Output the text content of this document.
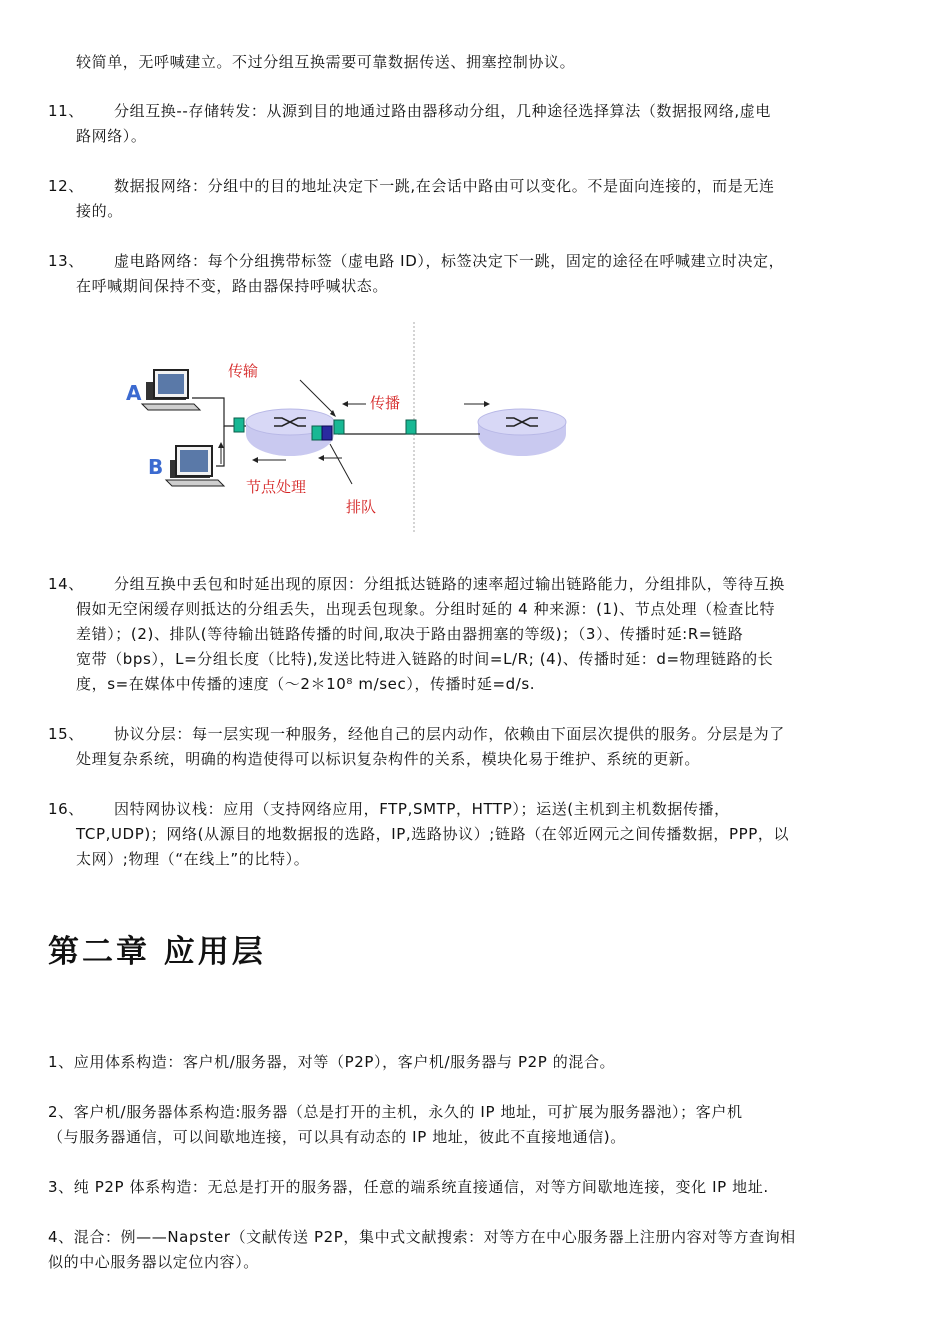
较简单，无呼喊建立。不过分组互换需要可靠数据传送、拥塞控制协议。
11、	分组互换--存储转发：从源到目的地通过路由器移动分组，几种途径选择算法（数据报网络,虚电
路网络）。
12、	数据报网络：分组中的目的地址决定下一跳,在会话中路由可以变化。不是面向连接的，而是无连
接的。
13、	虚电路网络：每个分组携带标签（虚电路 ID），标签决定下一跳，固定的途径在呼喊建立时决定，
在呼喊期间保持不变，路由器保持呼喊状态。
A
B
传输
传播
节点处理
排队
14、	分组互换中丢包和时延出现的原因：分组抵达链路的速率超过输出链路能力，分组排队，等待互换
假如无空闲缓存则抵达的分组丢失，出现丢包现象。分组时延的 4 种来源：(1)、节点处理（检查比特
差错）；(2)、排队(等待输出链路传播的时间,取决于路由器拥塞的等级)；（3）、传播时延:R=链路
宽带（bps），L=分组长度（比特),发送比特进入链路的时间=L/R; (4)、传播时延：d=物理链路的长
度，s=在媒体中传播的速度（～2＊10⁸ m/sec），传播时延=d/s.
15、	协议分层：每一层实现一种服务，经他自己的层内动作，依赖由下面层次提供的服务。分层是为了
处理复杂系统，明确的构造使得可以标识复杂构件的关系，模块化易于维护、系统的更新。
16、	因特网协议栈：应用（支持网络应用，FTP,SMTP，HTTP）；运送(主机到主机数据传播，
TCP,UDP)；网络(从源目的地数据报的选路，IP,选路协议）;链路（在邻近网元之间传播数据，PPP，以
太网）;物理（“在线上”的比特）。
第二章 应用层
1、应用体系构造：客户机/服务器，对等（P2P），客户机/服务器与 P2P 的混合。
2、客户机/服务器体系构造:服务器（总是打开的主机，永久的 IP 地址，可扩展为服务器池）；客户机
（与服务器通信，可以间歇地连接，可以具有动态的 IP 地址，彼此不直接地通信)。
3、纯 P2P 体系构造：无总是打开的服务器，任意的端系统直接通信，对等方间歇地连接，变化 IP 地址.
4、混合：例——Napster（文献传送 P2P，集中式文献搜索：对等方在中心服务器上注册内容对等方查询相
似的中心服务器以定位内容）。
